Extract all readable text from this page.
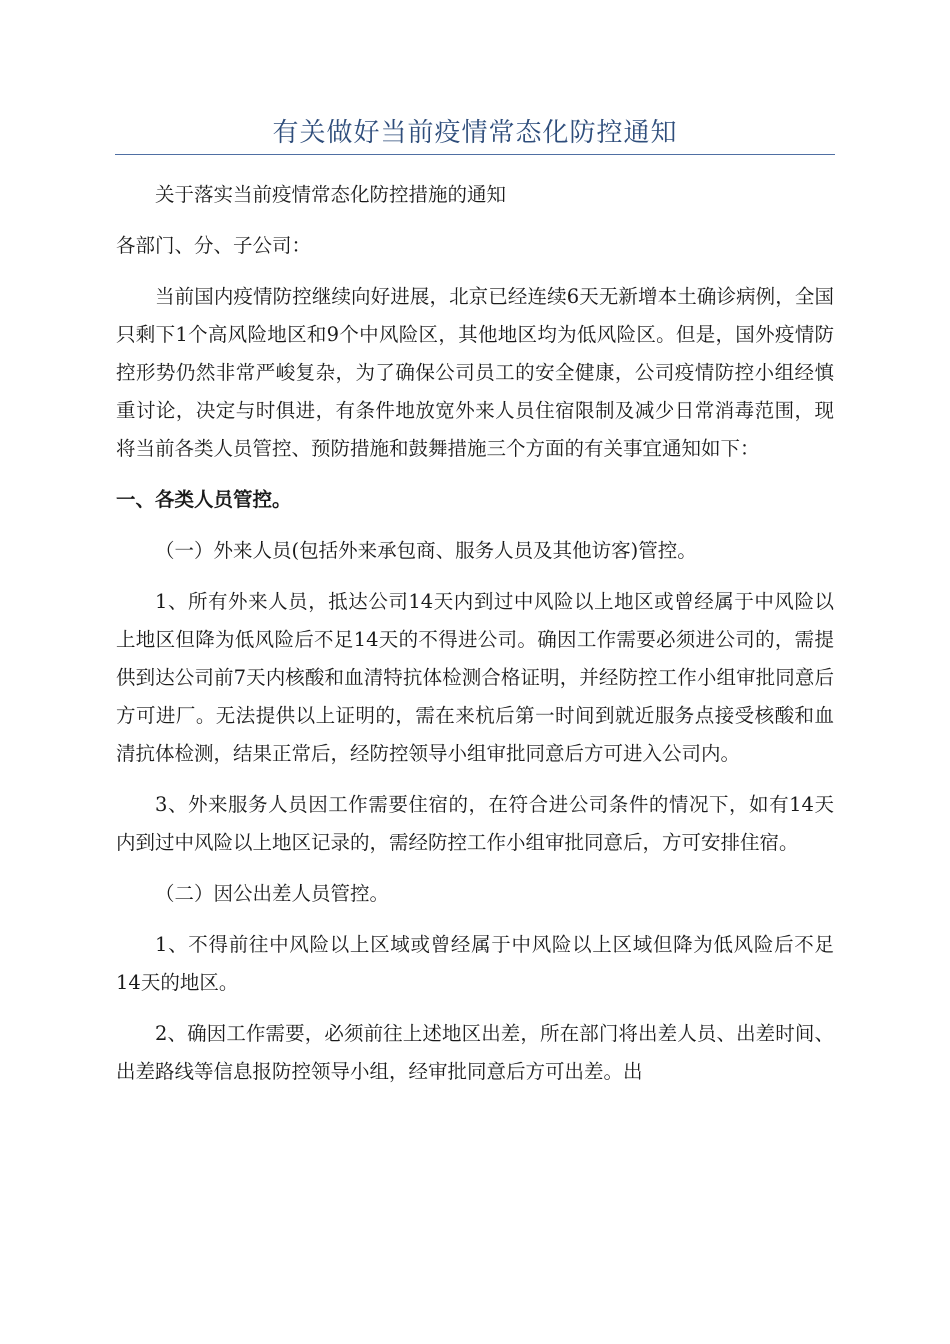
有关做好当前疫情常态化防控通知

关于落实当前疫情常态化防控措施的通知

各部门、分、子公司：

当前国内疫情防控继续向好进展，北京已经连续6天无新增本土确诊病例，全国只剩下1个高风险地区和9个中风险区，其他地区均为低风险区。但是，国外疫情防控形势仍然非常严峻复杂，为了确保公司员工的安全健康，公司疫情防控小组经慎重讨论，决定与时俱进，有条件地放宽外来人员住宿限制及减少日常消毒范围，现将当前各类人员管控、预防措施和鼓舞措施三个方面的有关事宜通知如下：

一、各类人员管控。

（一）外来人员(包括外来承包商、服务人员及其他访客)管控。

1、所有外来人员，抵达公司14天内到过中风险以上地区或曾经属于中风险以上地区但降为低风险后不足14天的不得进公司。确因工作需要必须进公司的，需提供到达公司前7天内核酸和血清特抗体检测合格证明，并经防控工作小组审批同意后方可进厂。无法提供以上证明的，需在来杭后第一时间到就近服务点接受核酸和血清抗体检测，结果正常后，经防控领导小组审批同意后方可进入公司内。

3、外来服务人员因工作需要住宿的，在符合进公司条件的情况下，如有14天内到过中风险以上地区记录的，需经防控工作小组审批同意后，方可安排住宿。

（二）因公出差人员管控。

1、不得前往中风险以上区域或曾经属于中风险以上区域但降为低风险后不足14天的地区。

2、确因工作需要，必须前往上述地区出差，所在部门将出差人员、出差时间、出差路线等信息报防控领导小组，经审批同意后方可出差。出
